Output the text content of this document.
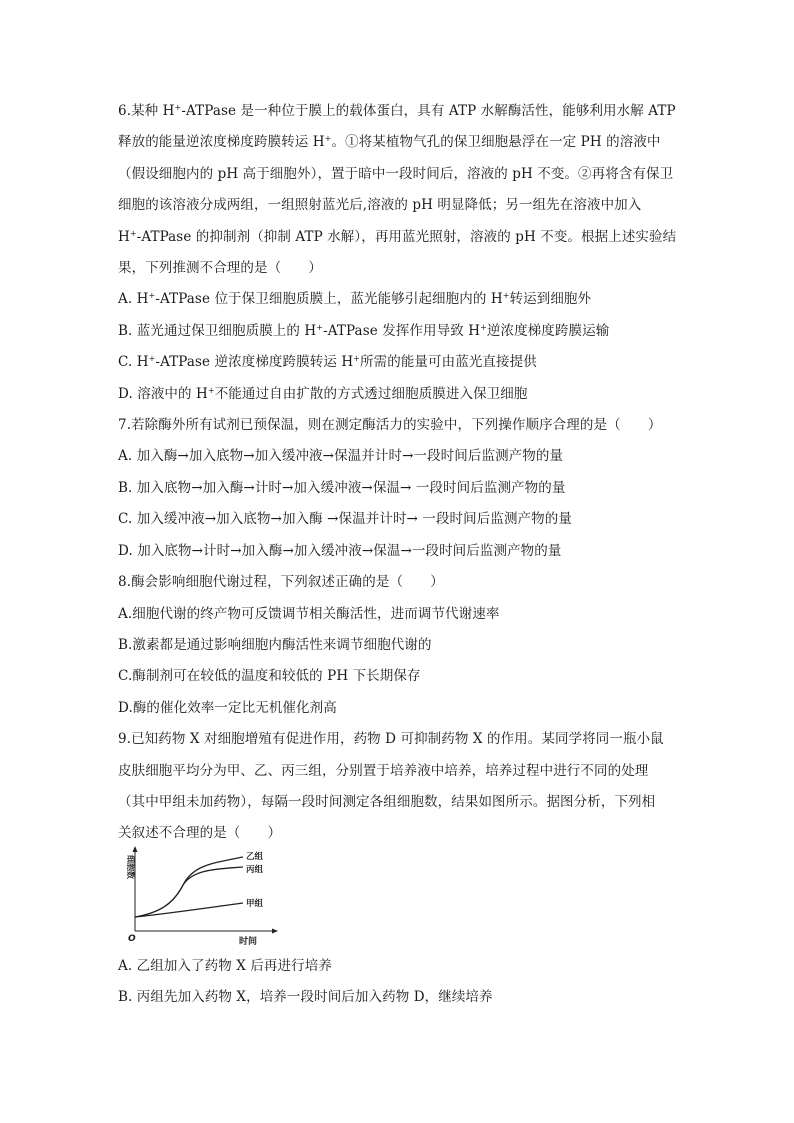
6.某种 H+-ATPase 是一种位于膜上的载体蛋白，具有 ATP 水解酶活性，能够利用水解 ATP
释放的能量逆浓度梯度跨膜转运 H+。①将某植物气孔的保卫细胞悬浮在一定 PH 的溶液中
（假设细胞内的 pH 高于细胞外），置于暗中一段时间后，溶液的 pH 不变。②再将含有保卫
细胞的该溶液分成两组，一组照射蓝光后,溶液的 pH 明显降低；另一组先在溶液中加入
H+-ATPase 的抑制剂（抑制 ATP 水解），再用蓝光照射，溶液的 pH 不变。根据上述实验结
果，下列推测不合理的是（　　）
A. H+-ATPase 位于保卫细胞质膜上，蓝光能够引起细胞内的 H+转运到细胞外
B. 蓝光通过保卫细胞质膜上的 H+-ATPase 发挥作用导致 H+逆浓度梯度跨膜运输
C. H+-ATPase 逆浓度梯度跨膜转运 H+所需的能量可由蓝光直接提供
D. 溶液中的 H+不能通过自由扩散的方式透过细胞质膜进入保卫细胞
7.若除酶外所有试剂已预保温，则在测定酶活力的实验中，下列操作顺序合理的是（　　）
A. 加入酶→加入底物→加入缓冲液→保温并计时→一段时间后监测产物的量
B. 加入底物→加入酶→计时→加入缓冲液→保温→ 一段时间后监测产物的量
C. 加入缓冲液→加入底物→加入酶 →保温并计时→ 一段时间后监测产物的量
D. 加入底物→计时→加入酶→加入缓冲液→保温→一段时间后监测产物的量
8.酶会影响细胞代谢过程，下列叙述正确的是（　　）
A.细胞代谢的终产物可反馈调节相关酶活性，进而调节代谢速率
B.激素都是通过影响细胞内酶活性来调节细胞代谢的
C.酶制剂可在较低的温度和较低的 PH 下长期保存
D.酶的催化效率一定比无机催化剂高
9.已知药物 X 对细胞增殖有促进作用，药物 D 可抑制药物 X 的作用。某同学将同一瓶小鼠
皮肤细胞平均分为甲、乙、丙三组，分别置于培养液中培养，培养过程中进行不同的处理
（其中甲组未加药物），每隔一段时间测定各组细胞数，结果如图所示。据图分析，下列相
关叙述不合理的是（　　）
细胞数
时间
O
乙组
丙组
甲组
A. 乙组加入了药物 X 后再进行培养
B. 丙组先加入药物 X，培养一段时间后加入药物 D，继续培养
